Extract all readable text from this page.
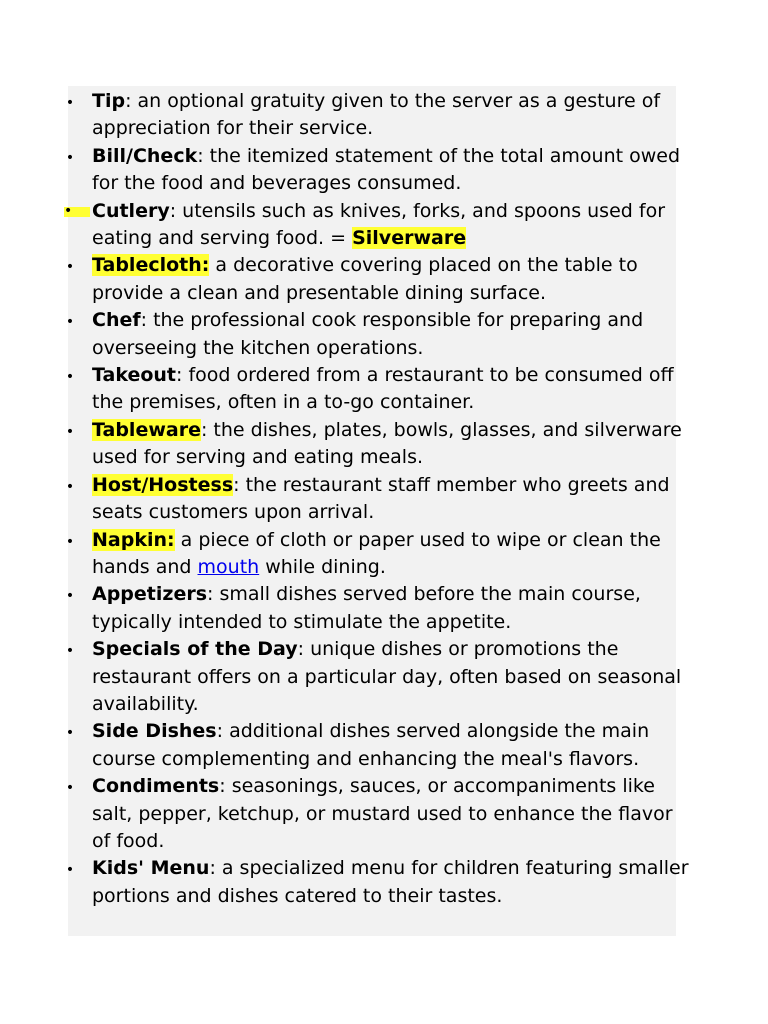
• Tip: an optional gratuity given to the server as a gesture of appreciation for their service.
• Bill/Check: the itemized statement of the total amount owed for the food and beverages consumed.
•	Cutlery: utensils such as knives, forks, and spoons used for eating and serving food. = Silverware
• Tablecloth: a decorative covering placed on the table to provide a clean and presentable dining surface.
• Chef: the professional cook responsible for preparing and overseeing the kitchen operations.
• Takeout: food ordered from a restaurant to be consumed off the premises, often in a to-go container.
• Tableware: the dishes, plates, bowls, glasses, and silverware used for serving and eating meals.
• Host/Hostess: the restaurant staff member who greets and seats customers upon arrival.
• Napkin: a piece of cloth or paper used to wipe or clean the hands and mouth while dining.
• Appetizers: small dishes served before the main course, typically intended to stimulate the appetite.
• Specials of the Day: unique dishes or promotions the restaurant offers on a particular day, often based on seasonal availability.
• Side Dishes: additional dishes served alongside the main course complementing and enhancing the meal's flavors.
• Condiments: seasonings, sauces, or accompaniments like salt, pepper, ketchup, or mustard used to enhance the flavor of food.
• Kids' Menu: a specialized menu for children featuring smaller portions and dishes catered to their tastes.
